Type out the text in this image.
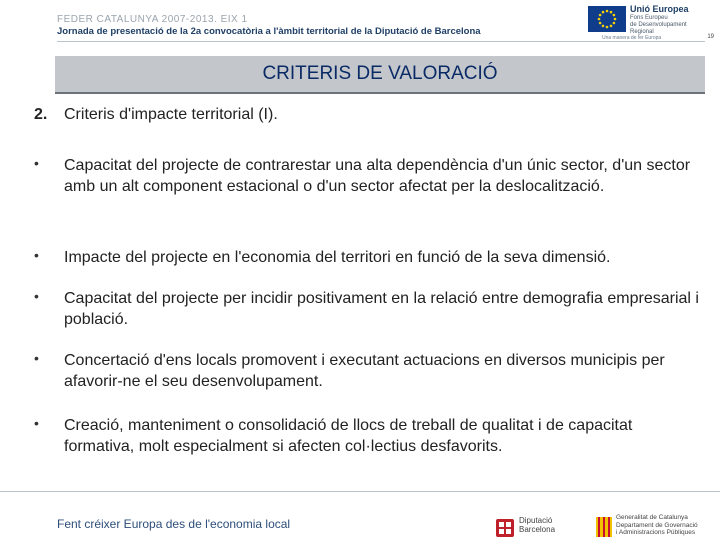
FEDER CATALUNYA 2007-2013. EIX 1
Jornada de presentació de la 2a convocatòria a l'àmbit territorial de la Diputació de Barcelona
Unió Europea
Fons Europeu
de Desenvolupament
Regional
Una manera de fer Europa	19
CRITERIS DE VALORACIÓ
2. Criteris d'impacte territorial (I).
• Capacitat del projecte de contrarestar una alta dependència d'un únic sector, d'un sector amb un alt component estacional o d'un sector afectat per la deslocalització.
• Impacte del projecte en l'economia del territori en funció de la seva dimensió.
• Capacitat del projecte per incidir positivament en la relació entre demografia empresarial i població.
• Concertació d'ens locals promovent i executant actuacions en diversos municipis per afavorir-ne el seu desenvolupament.
• Creació, manteniment o consolidació de llocs de treball de qualitat i de capacitat formativa, molt especialment si afecten col·lectius desfavorits.
Fent créixer Europa des de l'economia local	Diputació
Barcelona
Generalitat de Catalunya
Departament de Governació
i Administracions Públiques
